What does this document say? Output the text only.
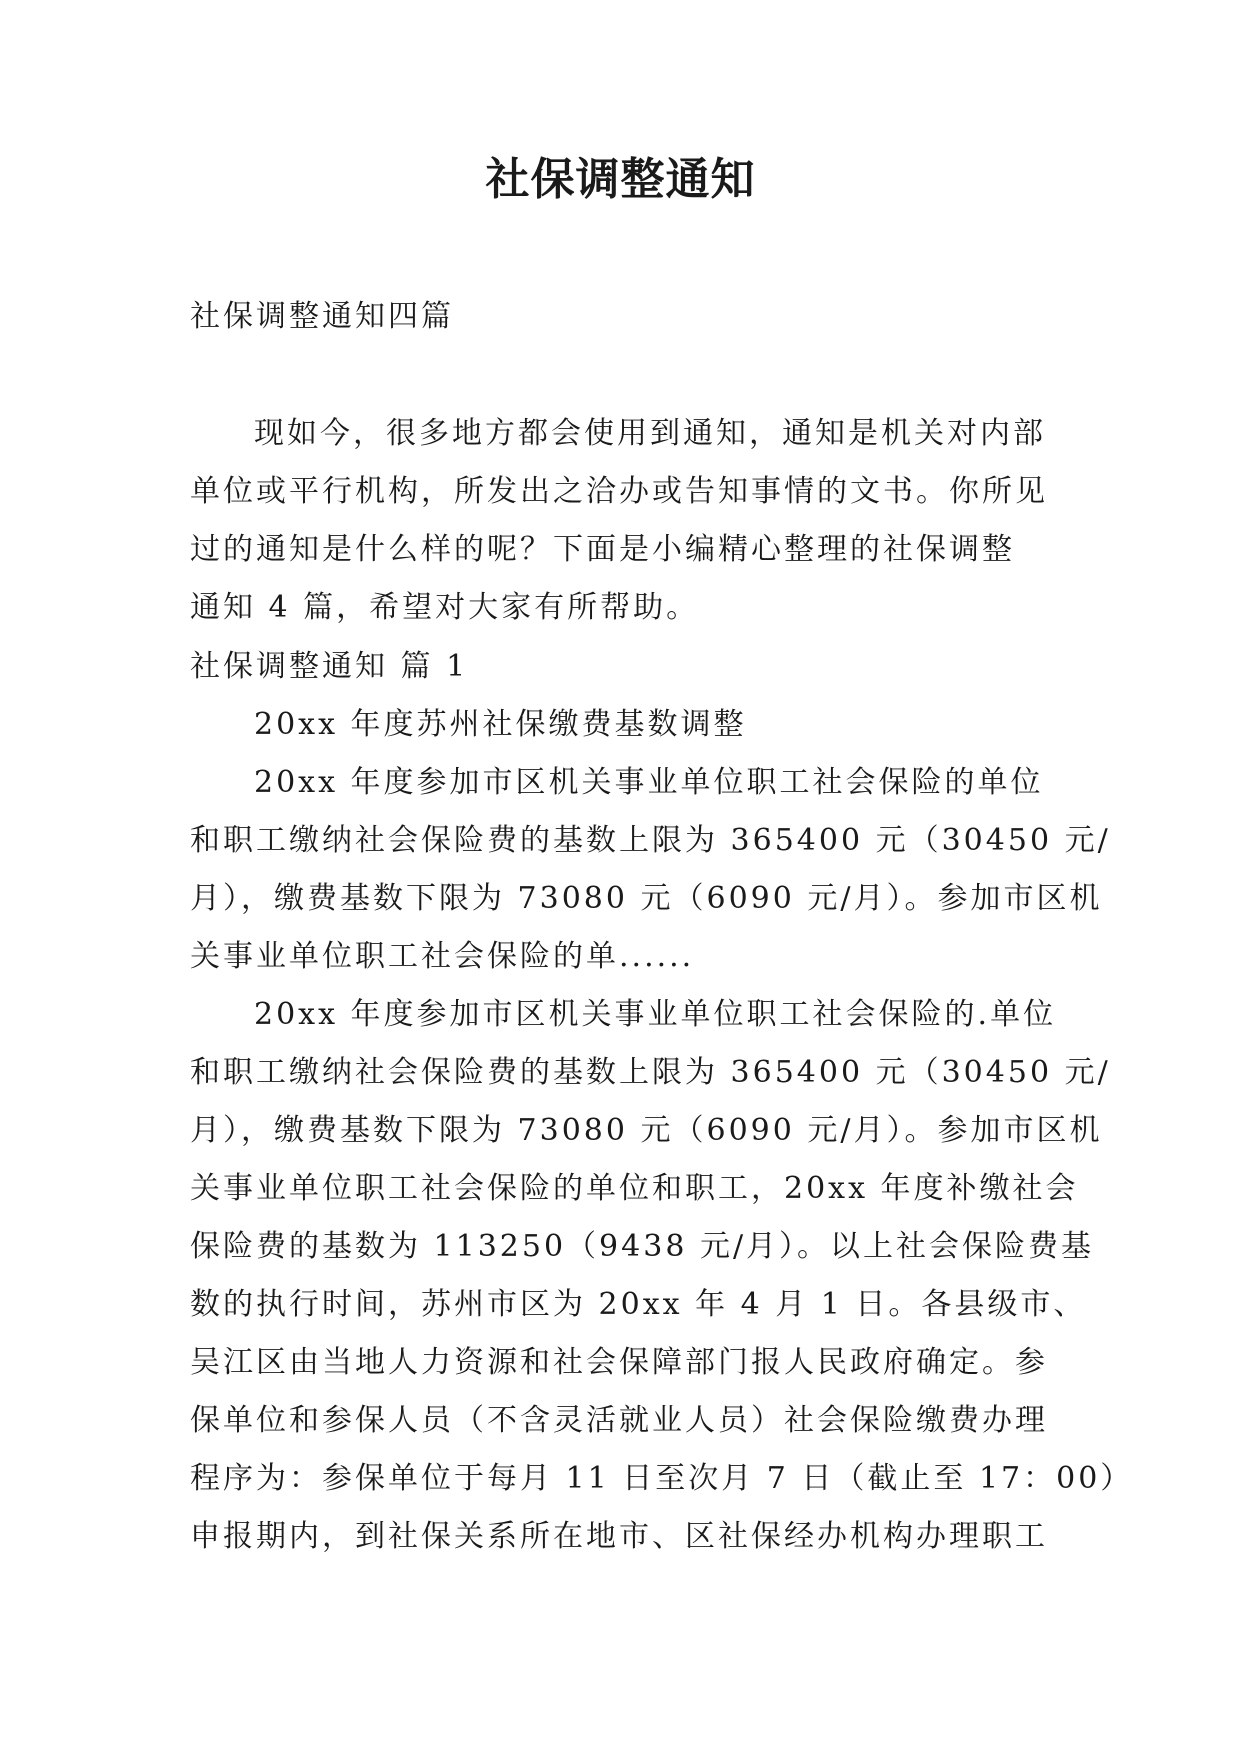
社保调整通知
社保调整通知四篇
现如今，很多地方都会使用到通知，通知是机关对内部
单位或平行机构，所发出之洽办或告知事情的文书。你所见
过的通知是什么样的呢？下面是小编精心整理的社保调整
通知 4 篇，希望对大家有所帮助。
社保调整通知 篇 1
20xx 年度苏州社保缴费基数调整
20xx 年度参加市区机关事业单位职工社会保险的单位
和职工缴纳社会保险费的基数上限为 365400 元（30450 元/
月），缴费基数下限为 73080 元（6090 元/月）。参加市区机
关事业单位职工社会保险的单......
20xx 年度参加市区机关事业单位职工社会保险的.单位
和职工缴纳社会保险费的基数上限为 365400 元（30450 元/
月），缴费基数下限为 73080 元（6090 元/月）。参加市区机
关事业单位职工社会保险的单位和职工，20xx 年度补缴社会
保险费的基数为 113250（9438 元/月）。以上社会保险费基
数的执行时间，苏州市区为 20xx 年 4 月 1 日。各县级市、
吴江区由当地人力资源和社会保障部门报人民政府确定。参
保单位和参保人员（不含灵活就业人员）社会保险缴费办理
程序为：参保单位于每月 11 日至次月 7 日（截止至 17：00）
申报期内，到社保关系所在地市、区社保经办机构办理职工
